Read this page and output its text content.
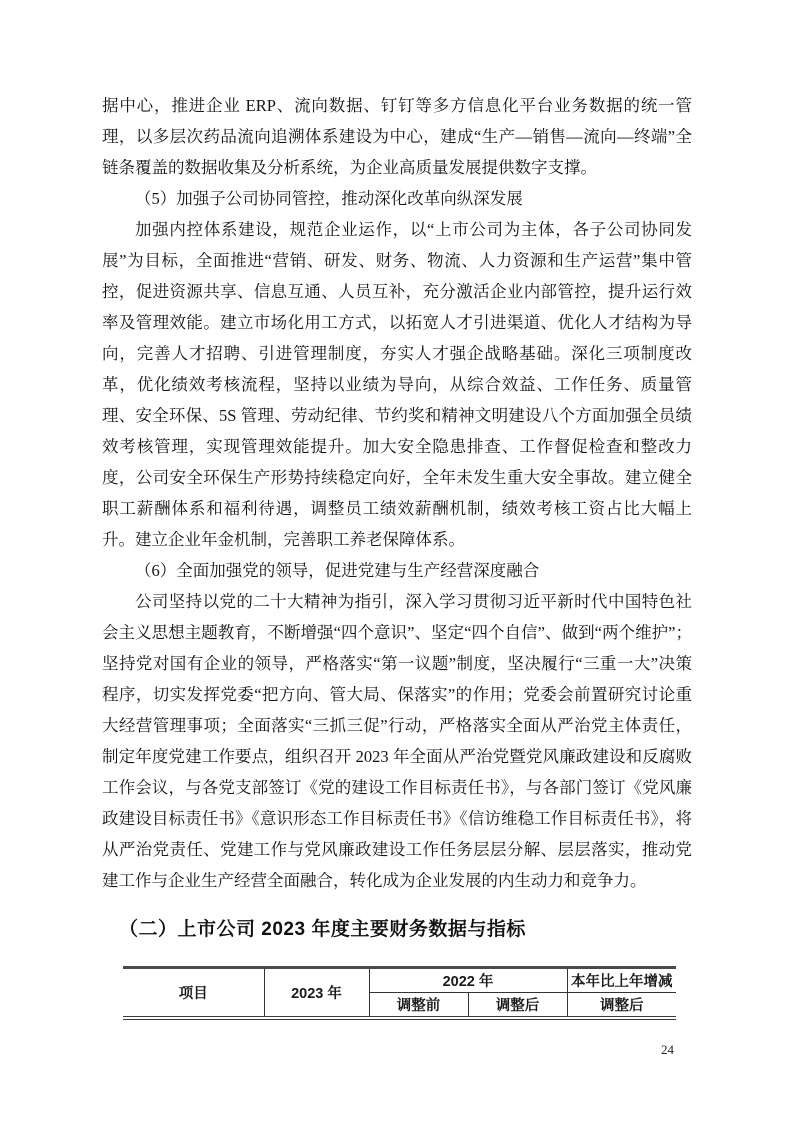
据中心，推进企业 ERP、流向数据、钉钉等多方信息化平台业务数据的统一管理，以多层次药品流向追溯体系建设为中心，建成“生产—销售—流向—终端”全链条覆盖的数据收集及分析系统，为企业高质量发展提供数字支撑。

（5）加强子公司协同管控，推动深化改革向纵深发展

加强内控体系建设，规范企业运作，以“上市公司为主体，各子公司协同发展”为目标，全面推进“营销、研发、财务、物流、人力资源和生产运营”集中管控，促进资源共享、信息互通、人员互补，充分激活企业内部管控，提升运行效率及管理效能。建立市场化用工方式，以拓宽人才引进渠道、优化人才结构为导向，完善人才招聘、引进管理制度，夯实人才强企战略基础。深化三项制度改革，优化绩效考核流程，坚持以业绩为导向，从综合效益、工作任务、质量管理、安全环保、5S 管理、劳动纪律、节约奖和精神文明建设八个方面加强全员绩效考核管理，实现管理效能提升。加大安全隐患排查、工作督促检查和整改力度，公司安全环保生产形势持续稳定向好，全年未发生重大安全事故。建立健全职工薪酬体系和福利待遇，调整员工绩效薪酬机制，绩效考核工资占比大幅上升。建立企业年金机制，完善职工养老保障体系。

（6）全面加强党的领导，促进党建与生产经营深度融合

公司坚持以党的二十大精神为指引，深入学习贯彻习近平新时代中国特色社会主义思想主题教育，不断增强“四个意识”、坚定“四个自信”、做到“两个维护”；坚持党对国有企业的领导，严格落实“第一议题”制度，坚决履行“三重一大”决策程序，切实发挥党委“把方向、管大局、保落实”的作用；党委会前置研究讨论重大经营管理事项；全面落实“三抓三促”行动，严格落实全面从严治党主体责任，制定年度党建工作要点，组织召开 2023 年全面从严治党暨党风廉政建设和反腐败工作会议，与各党支部签订《党的建设工作目标责任书》，与各部门签订《党风廉政建设目标责任书》《意识形态工作目标责任书》《信访维稳工作目标责任书》，将从严治党责任、党建工作与党风廉政建设工作任务层层分解、层层落实，推动党建工作与企业生产经营全面融合，转化成为企业发展的内生动力和竞争力。

（二）上市公司 2023 年度主要财务数据与指标
项目	2023 年	2022 年		本年比上年增减
		调整前	调整后	调整后
24
